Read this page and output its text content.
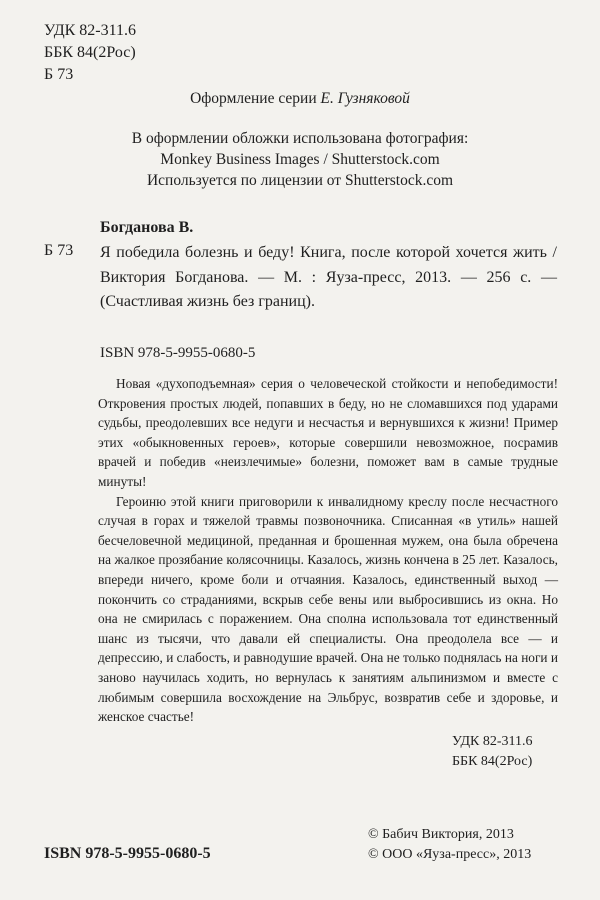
УДК 82-311.6
ББК 84(2Рос)
Б 73
Оформление серии Е. Гузняковой
В оформлении обложки использована фотография:
Monkey Business Images / Shutterstock.com
Используется по лицензии от Shutterstock.com
Богданова В.
Б 73 Я победила болезнь и беду! Книга, после которой хочется жить / Виктория Богданова. — М. : Яуза-пресс, 2013. — 256 с. — (Счастливая жизнь без границ).
ISBN 978-5-9955-0680-5

Новая «духоподъемная» серия о человеческой стойкости и непобедимости! Откровения простых людей, попавших в беду, но не сломавшихся под ударами судьбы, преодолевших все недуги и несчастья и вернувшихся к жизни! Пример этих «обыкновенных героев», которые совершили невозможное, посрамив врачей и победив «неизлечимые» болезни, поможет вам в самые трудные минуты!

Героиню этой книги приговорили к инвалидному креслу после несчастного случая в горах и тяжелой травмы позвоночника. Списанная «в утиль» нашей бесчеловечной медициной, преданная и брошенная мужем, она была обречена на жалкое прозябание колясочницы. Казалось, жизнь кончена в 25 лет. Казалось, впереди ничего, кроме боли и отчаяния. Казалось, единственный выход — покончить со страданиями, вскрыв себе вены или выбросившись из окна. Но она не смирилась с поражением. Она сполна использовала тот единственный шанс из тысячи, что давали ей специалисты. Она преодолела все — и депрессию, и слабость, и равнодушие врачей. Она не только поднялась на ноги и заново научилась ходить, но вернулась к занятиям альпинизмом и вместе с любимым совершила восхождение на Эльбрус, возвратив себе и здоровье, и женское счастье!

УДК 82-311.6
ББК 84(2Рос)
ISBN 978-5-9955-0680-5
© Бабич Виктория, 2013
© ООО «Яуза-пресс», 2013
